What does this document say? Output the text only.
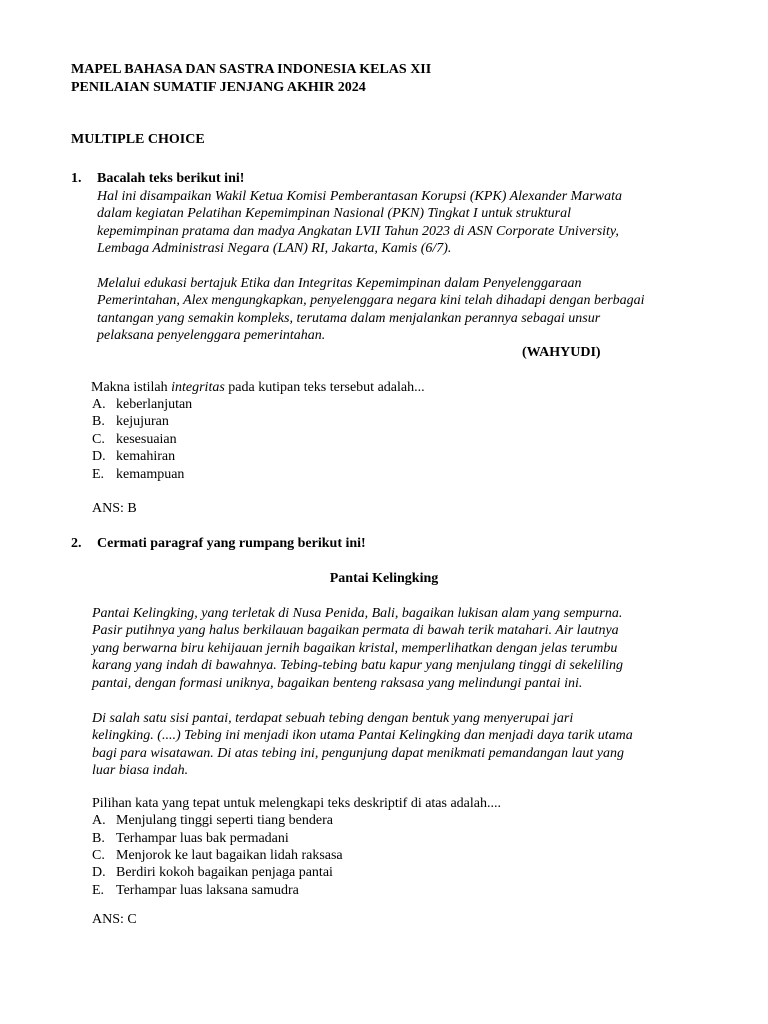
MAPEL BAHASA DAN SASTRA INDONESIA KELAS XII
PENILAIAN SUMATIF JENJANG AKHIR 2024
MULTIPLE CHOICE
1. Bacalah teks berikut ini!
Hal ini disampaikan Wakil Ketua Komisi Pemberantasan Korupsi (KPK) Alexander Marwata
dalam kegiatan Pelatihan Kepemimpinan Nasional (PKN) Tingkat I untuk struktural
kepemimpinan pratama dan madya Angkatan LVII Tahun 2023 di ASN Corporate University,
Lembaga Administrasi Negara (LAN) RI, Jakarta, Kamis (6/7).
Melalui edukasi bertajuk Etika dan Integritas Kepemimpinan dalam Penyelenggaraan
Pemerintahan, Alex mengungkapkan, penyelenggara negara kini telah dihadapi dengan berbagai
tantangan yang semakin kompleks, terutama dalam menjalankan perannya sebagai unsur
pelaksana penyelenggara pemerintahan.
(WAHYUDI)
Makna istilah integritas pada kutipan teks tersebut adalah...
A. keberlanjutan
B. kejujuran
C. kesesuaian
D. kemahiran
E. kemampuan
ANS: B
2. Cermati paragraf yang rumpang berikut ini!
Pantai Kelingking
Pantai Kelingking, yang terletak di Nusa Penida, Bali, bagaikan lukisan alam yang sempurna.
Pasir putihnya yang halus berkilauan bagaikan permata di bawah terik matahari. Air lautnya
yang berwarna biru kehijauan jernih bagaikan kristal, memperlihatkan dengan jelas terumbu
karang yang indah di bawahnya. Tebing-tebing batu kapur yang menjulang tinggi di sekeliling
pantai, dengan formasi uniknya, bagaikan benteng raksasa yang melindungi pantai ini.
Di salah satu sisi pantai, terdapat sebuah tebing dengan bentuk yang menyerupai jari
kelingking. (....) Tebing ini menjadi ikon utama Pantai Kelingking dan menjadi daya tarik utama
bagi para wisatawan. Di atas tebing ini, pengunjung dapat menikmati pemandangan laut yang
luar biasa indah.
Pilihan kata yang tepat untuk melengkapi teks deskriptif di atas adalah....
A. Menjulang tinggi seperti tiang bendera
B. Terhampar luas bak permadani
C. Menjorok ke laut bagaikan lidah raksasa
D. Berdiri kokoh bagaikan penjaga pantai
E. Terhampar luas laksana samudra
ANS: C
